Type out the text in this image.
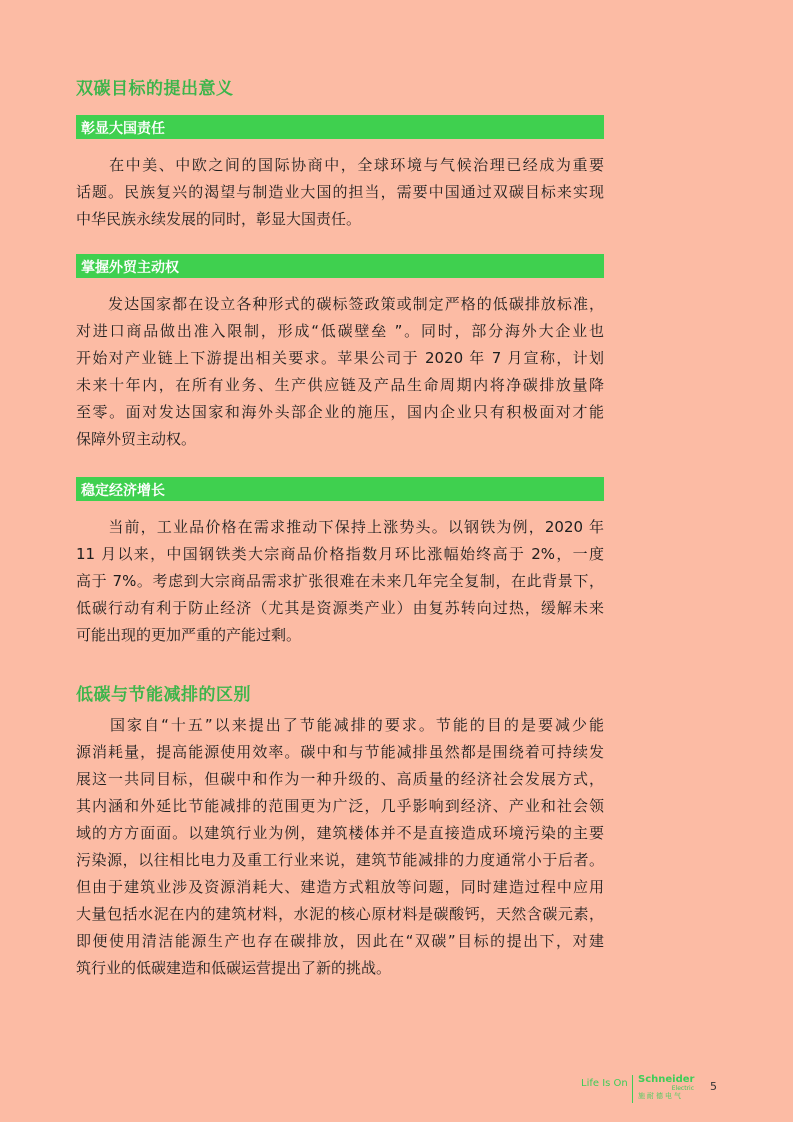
双碳目标的提出意义
彰显大国责任
　　在中美、中欧之间的国际协商中，全球环境与气候治理已经成为重要
话题。民族复兴的渴望与制造业大国的担当，需要中国通过双碳目标来实现
中华民族永续发展的同时，彰显大国责任。
掌握外贸主动权
　　发达国家都在设立各种形式的碳标签政策或制定严格的低碳排放标准，
对进口商品做出准入限制，形成“低碳壁垒 ”。同时，部分海外大企业也
开始对产业链上下游提出相关要求。苹果公司于 2020 年 7 月宣称，计划
未来十年内，在所有业务、生产供应链及产品生命周期内将净碳排放量降
至零。面对发达国家和海外头部企业的施压，国内企业只有积极面对才能
保障外贸主动权。
稳定经济增长
　　当前，工业品价格在需求推动下保持上涨势头。以钢铁为例，2020 年
11 月以来，中国钢铁类大宗商品价格指数月环比涨幅始终高于 2%，一度
高于 7%。考虑到大宗商品需求扩张很难在未来几年完全复制，在此背景下，
低碳行动有利于防止经济（尤其是资源类产业）由复苏转向过热，缓解未来
可能出现的更加严重的产能过剩。
低碳与节能减排的区别
　　国家自“十五”以来提出了节能减排的要求。节能的目的是要减少能
源消耗量，提高能源使用效率。碳中和与节能减排虽然都是围绕着可持续发
展这一共同目标，但碳中和作为一种升级的、高质量的经济社会发展方式，
其内涵和外延比节能减排的范围更为广泛，几乎影响到经济、产业和社会领
域的方方面面。以建筑行业为例，建筑楼体并不是直接造成环境污染的主要
污染源，以往相比电力及重工行业来说，建筑节能减排的力度通常小于后者。
但由于建筑业涉及资源消耗大、建造方式粗放等问题，同时建造过程中应用
大量包括水泥在内的建筑材料，水泥的核心原材料是碳酸钙，天然含碳元素，
即便使用清洁能源生产也存在碳排放，因此在“双碳”目标的提出下，对建
筑行业的低碳建造和低碳运营提出了新的挑战。
Life Is On Schneider
Electric
施耐德电气
5
